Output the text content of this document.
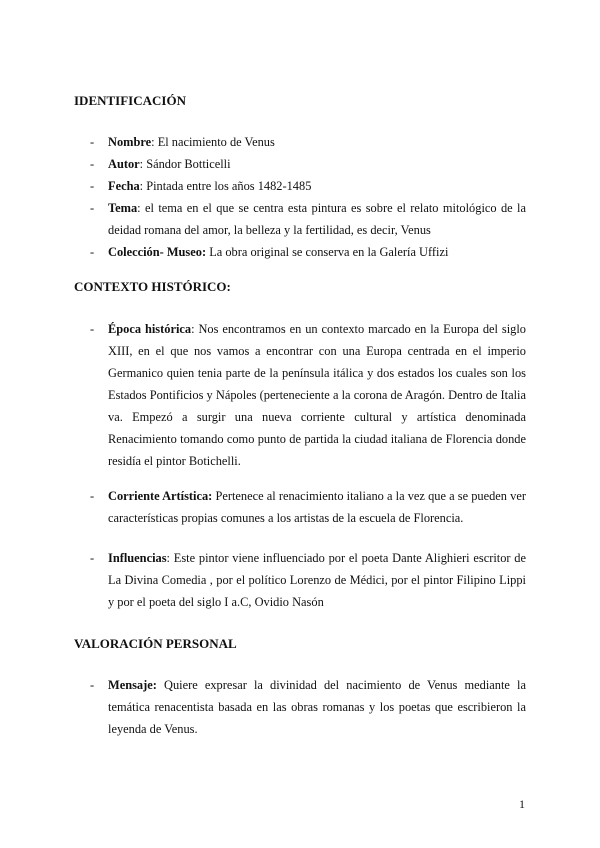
IDENTIFICACIÓN
- Nombre: El nacimiento de Venus
- Autor: Sándor Botticelli
- Fecha: Pintada entre los años 1482-1485
- Tema: el tema en el que se centra esta pintura es sobre el relato mitológico de la deidad romana del amor, la belleza y la fertilidad, es decir, Venus
- Colección- Museo: La obra original se conserva en la Galería Uffizi
CONTEXTO HISTÓRICO:
- Época histórica: Nos encontramos en un contexto marcado en la Europa del siglo XIII, en el que nos vamos a encontrar con una Europa centrada en el imperio Germanico quien tenia parte de la península itálica y dos estados los cuales son los Estados Pontificios y Nápoles (perteneciente a la corona de Aragón. Dentro de Italia va. Empezó a surgir una nueva corriente cultural y artística denominada Renacimiento tomando como punto de partida la ciudad italiana de Florencia donde residía el pintor Botichelli.
- Corriente Artística: Pertenece al renacimiento italiano a la vez que a se pueden ver características propias comunes a los artistas de la escuela de Florencia.
- Influencias: Este pintor viene influenciado por el poeta Dante Alighieri escritor de La Divina Comedia , por el político Lorenzo de Médici, por el pintor Filipino Lippi y por el poeta del siglo I a.C, Ovidio Nasón
VALORACIÓN PERSONAL
- Mensaje: Quiere expresar la divinidad del nacimiento de Venus mediante la temática renacentista basada en las obras romanas y los poetas que escribieron la leyenda de Venus.
1
